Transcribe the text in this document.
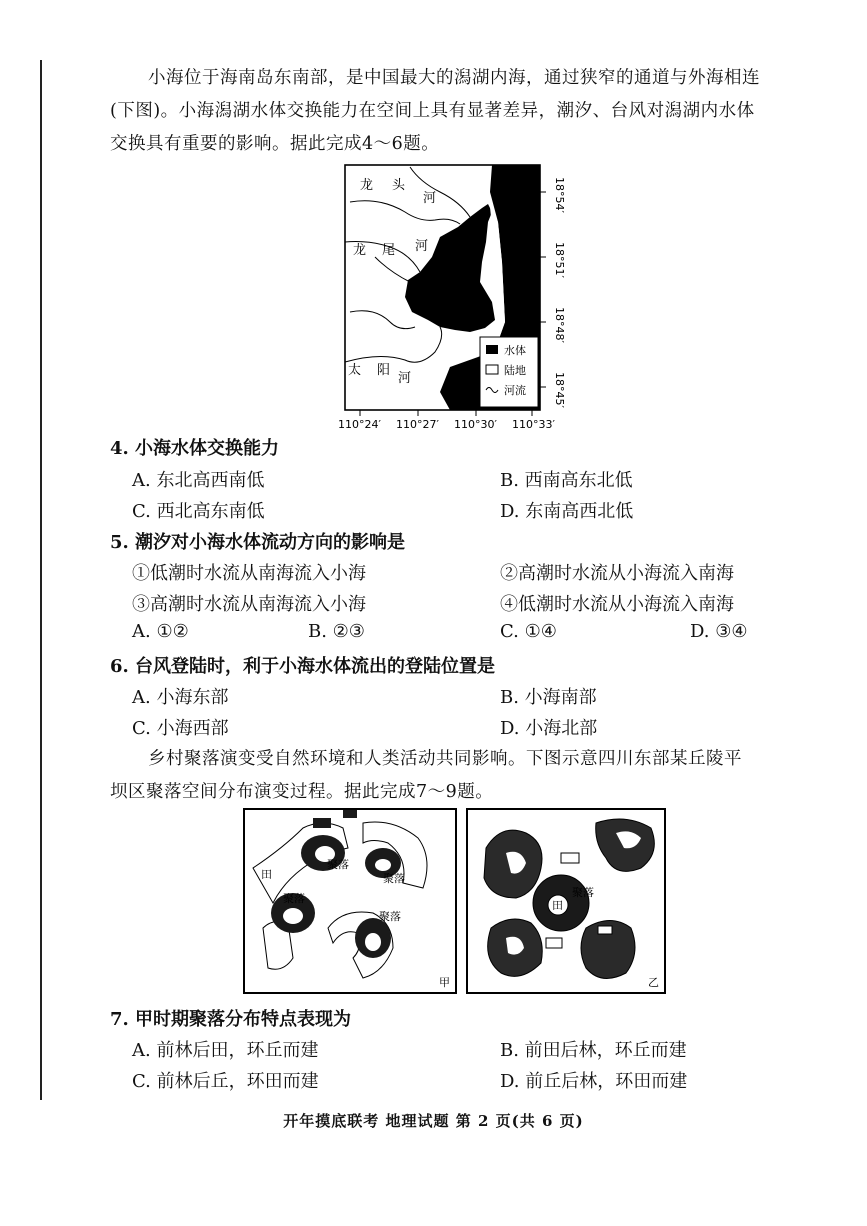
小海位于海南岛东南部，是中国最大的潟湖内海，通过狭窄的通道与外海相连
(下图)。小海潟湖水体交换能力在空间上具有显著差异，潮汐、台风对潟湖内水体
交换具有重要的影响。据此完成4～6题。
龙 头
河
龙 尾 河
太 阳
河
水体
陆地
河流
18°54′
18°51′
18°48′
18°45′
110°24′ 110°27′ 110°30′ 110°33′
4. 小海水体交换能力
A. 东北高西南低	B. 西南高东北低
C. 西北高东南低	D. 东南高西北低
5. 潮汐对小海水体流动方向的影响是
①低潮时水流从南海流入小海	②高潮时水流从小海流入南海
③高潮时水流从南海流入小海	④低潮时水流从小海流入南海
A. ①②	B. ②③	C. ①④	D. ③④
6. 台风登陆时，利于小海水体流出的登陆位置是
A. 小海东部	B. 小海南部
C. 小海西部	D. 小海北部
乡村聚落演变受自然环境和人类活动共同影响。下图示意四川东部某丘陵平
坝区聚落空间分布演变过程。据此完成7～9题。
聚落
聚落
聚落
聚落
田
甲
田
聚落
乙
7. 甲时期聚落分布特点表现为
A. 前林后田，环丘而建	B. 前田后林，环丘而建
C. 前林后丘，环田而建	D. 前丘后林，环田而建
开年摸底联考 地理试题 第 2 页(共 6 页)
